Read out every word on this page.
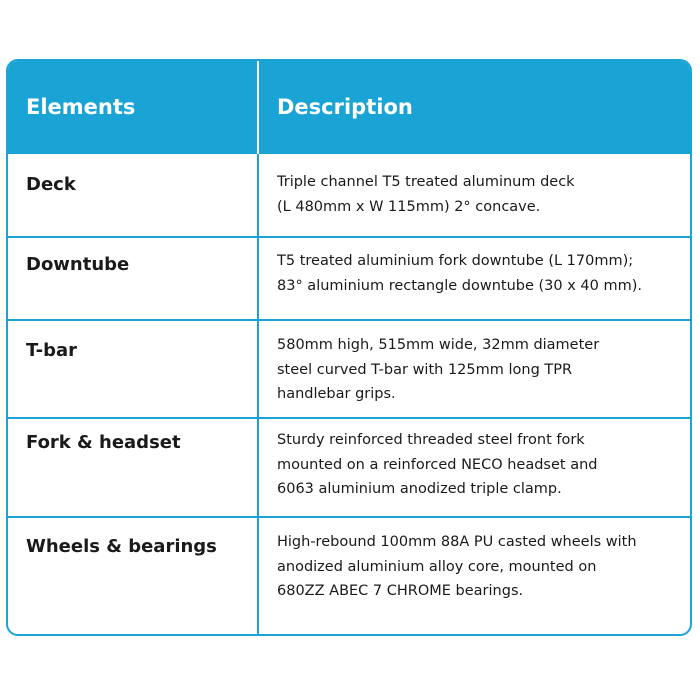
Elements	Description
Deck	Triple channel T5 treated aluminum deck
(L 480mm x W 115mm) 2° concave.
Downtube	T5 treated aluminium fork downtube (L 170mm);
83° aluminium rectangle downtube (30 x 40 mm).
T-bar	580mm high, 515mm wide, 32mm diameter
steel curved T-bar with 125mm long TPR
handlebar grips.
Fork & headset	Sturdy reinforced threaded steel front fork
mounted on a reinforced NECO headset and
6063 aluminium anodized triple clamp.
Wheels & bearings	High-rebound 100mm 88A PU casted wheels with
anodized aluminium alloy core, mounted on
680ZZ ABEC 7 CHROME bearings.
